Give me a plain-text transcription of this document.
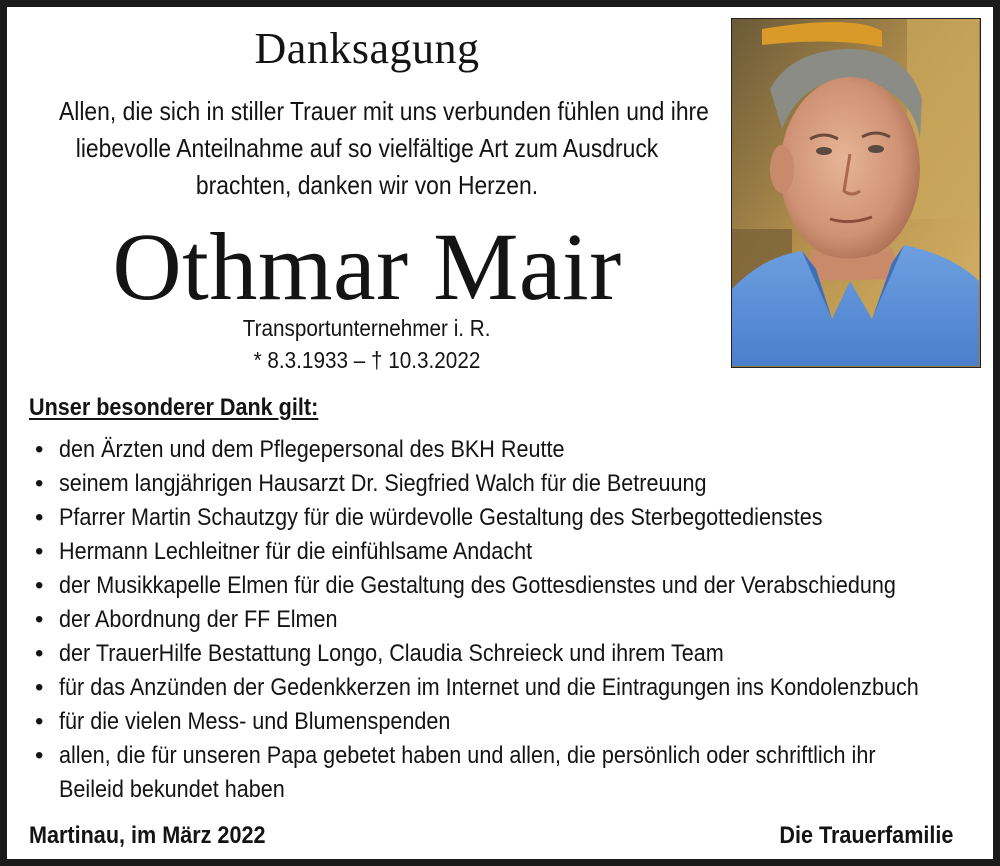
Danksagung
Allen, die sich in stiller Trauer mit uns verbunden fühlen und ihre
liebevolle Anteilnahme auf so vielfältige Art zum Ausdruck
brachten, danken wir von Herzen.
Othmar Mair
Transportunternehmer i. R.
* 8.3.1933 – † 10.3.2022
Unser besonderer Dank gilt:
• den Ärzten und dem Pflegepersonal des BKH Reutte
• seinem langjährigen Hausarzt Dr. Siegfried Walch für die Betreuung
• Pfarrer Martin Schautzgy für die würdevolle Gestaltung des Sterbegottedienstes
• Hermann Lechleitner für die einfühlsame Andacht
• der Musikkapelle Elmen für die Gestaltung des Gottesdienstes und der Verabschiedung
• der Abordnung der FF Elmen
• der TrauerHilfe Bestattung Longo, Claudia Schreieck und ihrem Team
• für das Anzünden der Gedenkkerzen im Internet und die Eintragungen ins Kondolenzbuch
• für die vielen Mess- und Blumenspenden
• allen, die für unseren Papa gebetet haben und allen, die persönlich oder schriftlich ihr
Beileid bekundet haben
Martinau, im März 2022	Die Trauerfamilie
